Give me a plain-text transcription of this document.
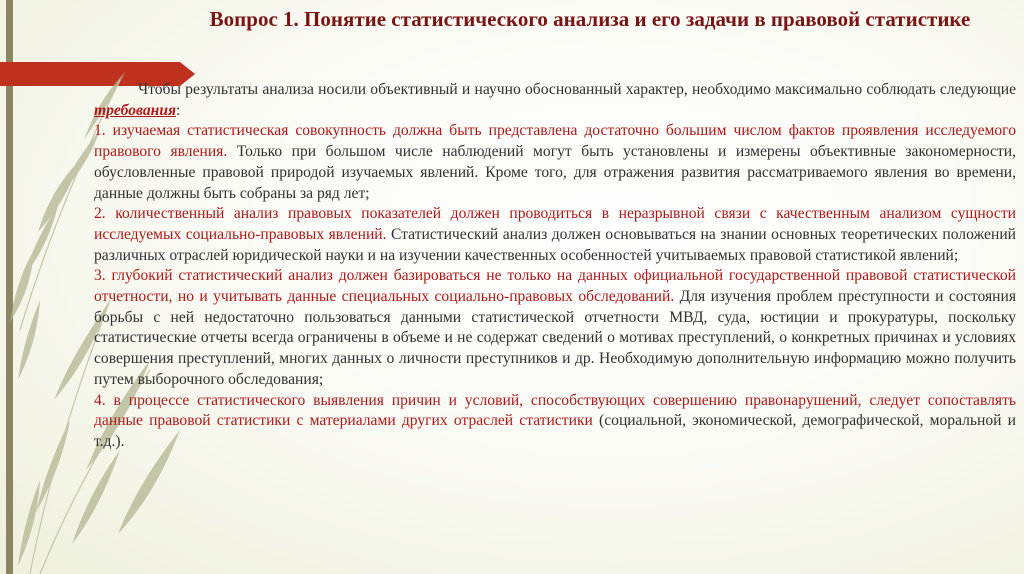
Вопрос 1. Понятие статистического анализа и его задачи в правовой статистике

Чтобы результаты анализа носили объективный и научно обоснованный характер, необходимо максимально соблюдать следующие требования:

1. изучаемая статистическая совокупность должна быть представлена достаточно большим числом фактов проявления исследуемого правового явления. Только при большом числе наблюдений могут быть установлены и измерены объективные закономерности, обусловленные правовой природой изучаемых явлений. Кроме того, для отражения развития рассматриваемого явления во времени, данные должны быть собраны за ряд лет;

2. количественный анализ правовых показателей должен проводиться в неразрывной связи с качественным анализом сущности исследуемых социально-правовых явлений. Статистический анализ должен основываться на знании основных теоретических положений различных отраслей юридической науки и на изучении качественных особенностей учитываемых правовой статистикой явлений;

3. глубокий статистический анализ должен базироваться не только на данных официальной государственной правовой статистической отчетности, но и учитывать данные специальных социально-правовых обследований. Для изучения проблем преступности и состояния борьбы с ней недостаточно пользоваться данными статистической отчетности МВД, суда, юстиции и прокуратуры, поскольку статистические отчеты всегда ограничены в объеме и не содержат сведений о мотивах преступлений, о конкретных причинах и условиях совершения преступлений, многих данных о личности преступников и др. Необходимую дополнительную информацию можно получить путем выборочного обследования;

4. в процессе статистического выявления причин и условий, способствующих совершению правонарушений, следует сопоставлять данные правовой статистики с материалами других отраслей статистики (социальной, экономической, демографической, моральной и т.д.).
